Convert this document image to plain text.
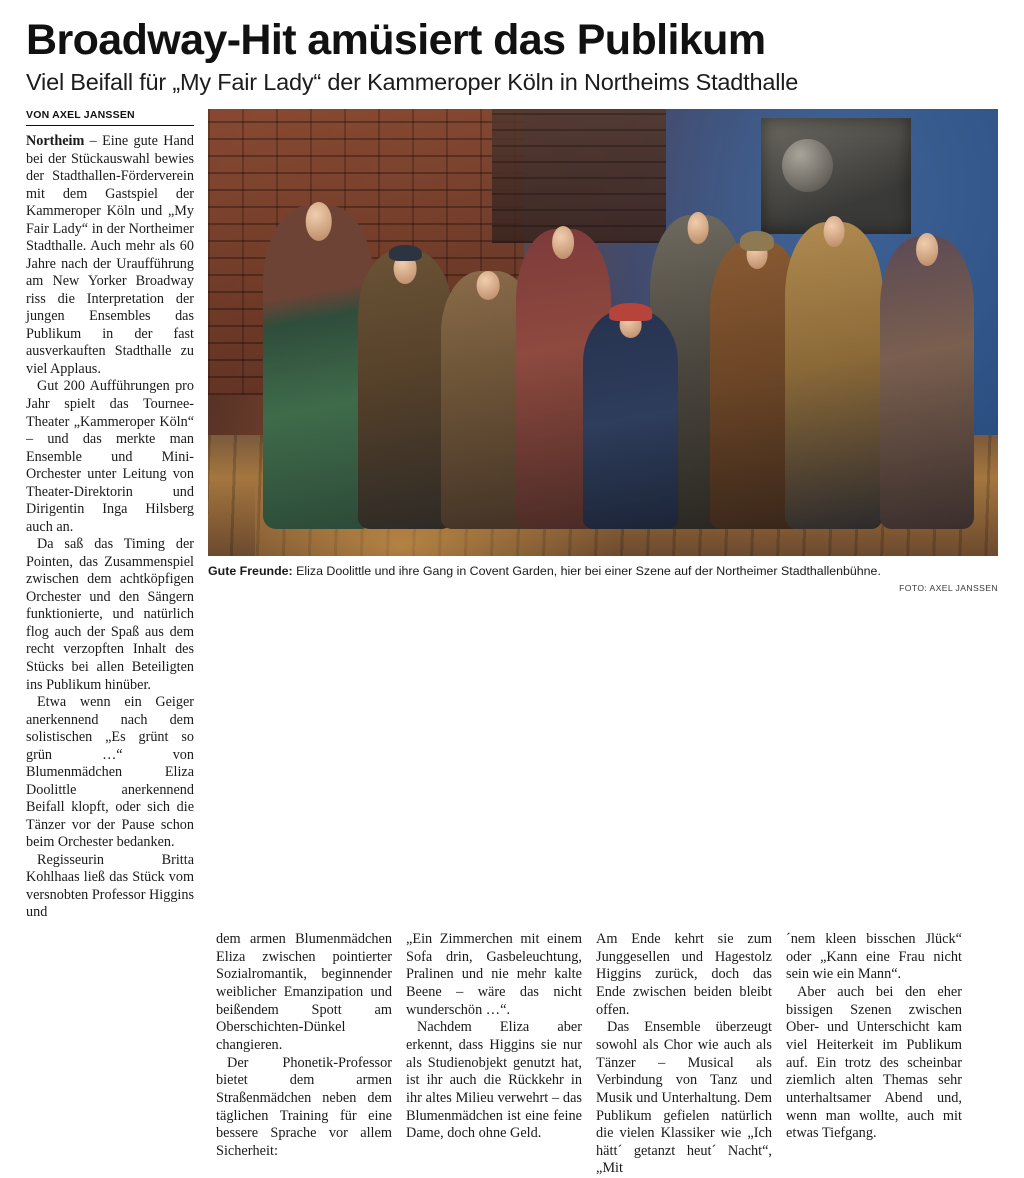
Broadway-Hit amüsiert das Publikum
Viel Beifall für „My Fair Lady“ der Kammeroper Köln in Northeims Stadthalle
VON AXEL JANSSEN

Northeim – Eine gute Hand bei der Stückauswahl bewies der Stadthallen-Förderverein mit dem Gastspiel der Kammeroper Köln und „My Fair Lady“ in der Northeimer Stadthalle. Auch mehr als 60 Jahre nach der Uraufführung am New Yorker Broadway riss die Interpretation der jungen Ensembles das Publikum in der fast ausverkauften Stadthalle zu viel Applaus.

Gut 200 Aufführungen pro Jahr spielt das Tournee-Theater „Kammeroper Köln“ – und das merkte man Ensemble und Mini-Orchester unter Leitung von Theater-Direktorin und Dirigentin Inga Hilsberg auch an.

Da saß das Timing der Pointen, das Zusammenspiel zwischen dem achtköpfigen Orchester und den Sängern funktionierte, und natürlich flog auch der Spaß aus dem recht verzopften Inhalt des Stücks bei allen Beteiligten ins Publikum hinüber.

Etwa wenn ein Geiger anerkennend nach dem solistischen „Es grünt so grün …“ von Blumenmädchen Eliza Doolittle anerkennend Beifall klopft, oder sich die Tänzer vor der Pause schon beim Orchester bedanken.

Regisseurin Britta Kohlhaas ließ das Stück vom versnobten Professor Higgins und

Gute Freunde: Eliza Doolittle und ihre Gang in Covent Garden, hier bei einer Szene auf der Northeimer Stadthallenbühne.
FOTO: AXEL JANSSEN

dem armen Blumenmädchen Eliza zwischen pointierter Sozialromantik, beginnender weiblicher Emanzipation und beißendem Spott am Oberschichten-Dünkel changieren.

Der Phonetik-Professor bietet dem armen Straßenmädchen neben dem täglichen Training für eine bessere Sprache vor allem Sicherheit:

„Ein Zimmerchen mit einem Sofa drin, Gasbeleuchtung, Pralinen und nie mehr kalte Beene – wäre das nicht wunderschön …“.

Nachdem Eliza aber erkennt, dass Higgins sie nur als Studienobjekt genutzt hat, ist ihr auch die Rückkehr in ihr altes Milieu verwehrt – das Blumenmädchen ist eine feine Dame, doch ohne Geld.

Am Ende kehrt sie zum Junggesellen und Hagestolz Higgins zurück, doch das Ende zwischen beiden bleibt offen.

Das Ensemble überzeugt sowohl als Chor wie auch als Tänzer – Musical als Verbindung von Tanz und Musik und Unterhaltung. Dem Publikum gefielen natürlich die vielen Klassiker wie „Ich hätt´ getanzt heut´ Nacht“, „Mit

´nem kleen bisschen Jlück“ oder „Kann eine Frau nicht sein wie ein Mann“.

Aber auch bei den eher bissigen Szenen zwischen Ober- und Unterschicht kam viel Heiterkeit im Publikum auf. Ein trotz des scheinbar ziemlich alten Themas sehr unterhaltsamer Abend und, wenn man wollte, auch mit etwas Tiefgang.
